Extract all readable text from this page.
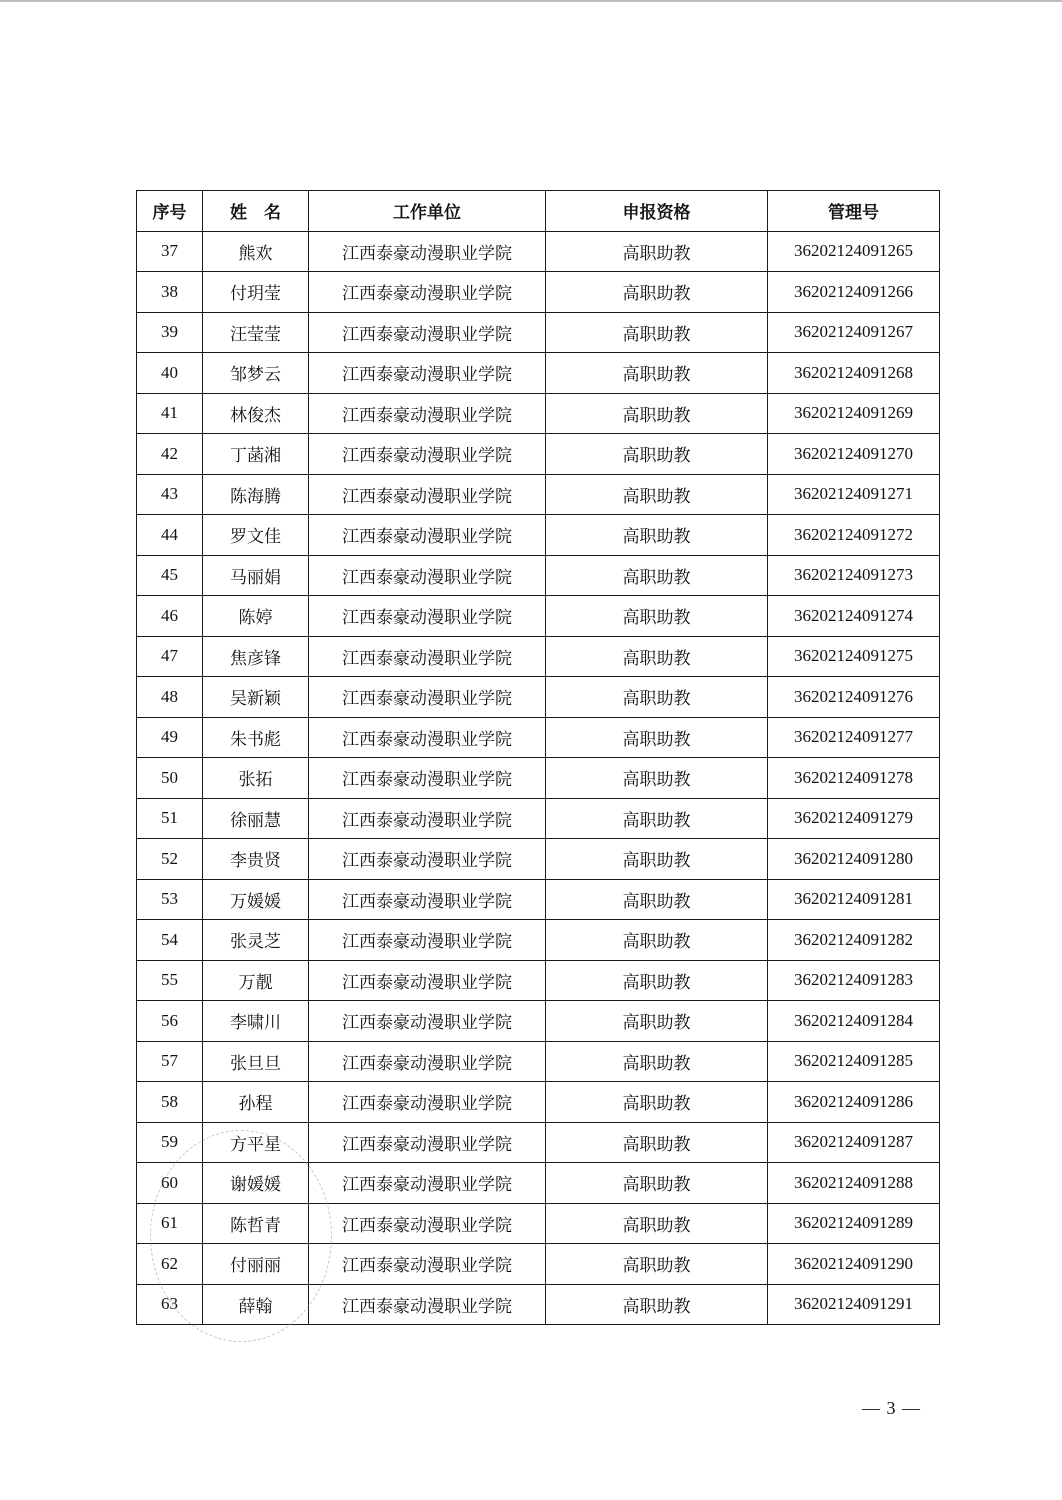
序号	姓　名	工作单位	申报资格	管理号
37	熊欢	江西泰豪动漫职业学院	高职助教	36202124091265
38	付玥莹	江西泰豪动漫职业学院	高职助教	36202124091266
39	汪莹莹	江西泰豪动漫职业学院	高职助教	36202124091267
40	邹梦云	江西泰豪动漫职业学院	高职助教	36202124091268
41	林俊杰	江西泰豪动漫职业学院	高职助教	36202124091269
42	丁菡湘	江西泰豪动漫职业学院	高职助教	36202124091270
43	陈海腾	江西泰豪动漫职业学院	高职助教	36202124091271
44	罗文佳	江西泰豪动漫职业学院	高职助教	36202124091272
45	马丽娟	江西泰豪动漫职业学院	高职助教	36202124091273
46	陈婷	江西泰豪动漫职业学院	高职助教	36202124091274
47	焦彦锋	江西泰豪动漫职业学院	高职助教	36202124091275
48	吴新颖	江西泰豪动漫职业学院	高职助教	36202124091276
49	朱书彪	江西泰豪动漫职业学院	高职助教	36202124091277
50	张拓	江西泰豪动漫职业学院	高职助教	36202124091278
51	徐丽慧	江西泰豪动漫职业学院	高职助教	36202124091279
52	李贵贤	江西泰豪动漫职业学院	高职助教	36202124091280
53	万媛媛	江西泰豪动漫职业学院	高职助教	36202124091281
54	张灵芝	江西泰豪动漫职业学院	高职助教	36202124091282
55	万靓	江西泰豪动漫职业学院	高职助教	36202124091283
56	李啸川	江西泰豪动漫职业学院	高职助教	36202124091284
57	张旦旦	江西泰豪动漫职业学院	高职助教	36202124091285
58	孙程	江西泰豪动漫职业学院	高职助教	36202124091286
59	方平星	江西泰豪动漫职业学院	高职助教	36202124091287
60	谢媛媛	江西泰豪动漫职业学院	高职助教	36202124091288
61	陈哲青	江西泰豪动漫职业学院	高职助教	36202124091289
62	付丽丽	江西泰豪动漫职业学院	高职助教	36202124091290
63	薛翰	江西泰豪动漫职业学院	高职助教	36202124091291
— 3 —
